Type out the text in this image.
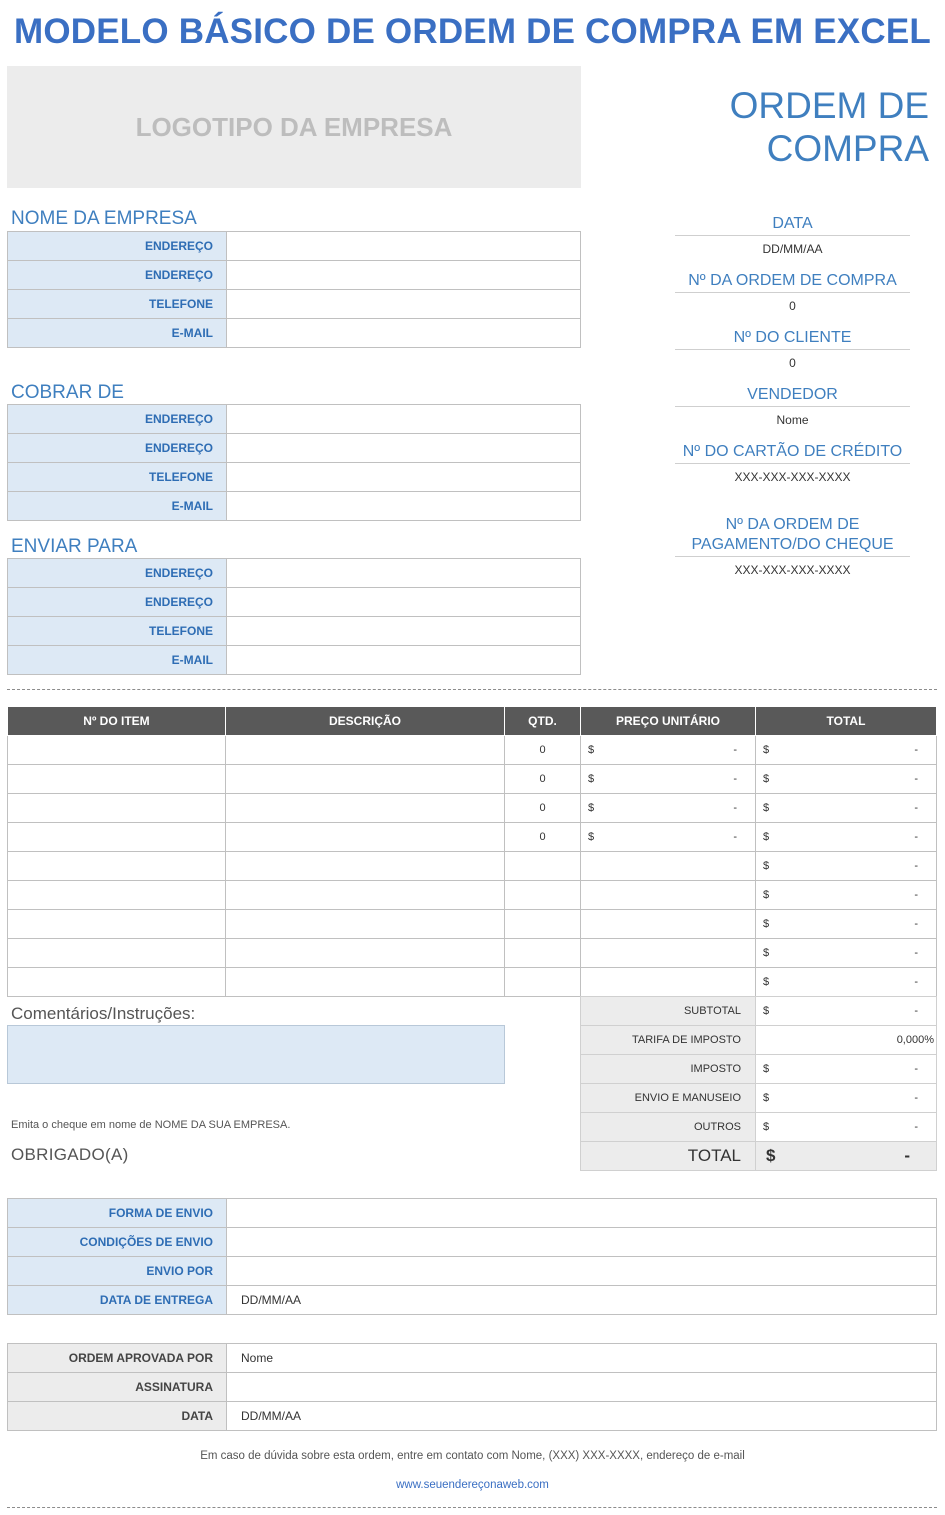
MODELO BÁSICO DE ORDEM DE COMPRA EM EXCEL
LOGOTIPO DA EMPRESA
ORDEM DE
COMPRA
NOME DA EMPRESA
ENDEREÇO	
ENDEREÇO	
TELEFONE	
E-MAIL	
COBRAR DE
ENDEREÇO	
ENDEREÇO	
TELEFONE	
E-MAIL	
ENVIAR PARA
ENDEREÇO	
ENDEREÇO	
TELEFONE	
E-MAIL	
DATA
DD/MM/AA
Nº DA ORDEM DE COMPRA
0
Nº DO CLIENTE
0
VENDEDOR
Nome
Nº DO CARTÃO DE CRÉDITO
XXX-XXX-XXX-XXXX
Nº DA ORDEM DE
PAGAMENTO/DO CHEQUE
XXX-XXX-XXX-XXXX
Nº DO ITEM	DESCRIÇÃO	QTD.	PREÇO UNITÁRIO	TOTAL
		0	$ -	$ -

		0	$ -	$ -

		0	$ -	$ -

		0	$ -	$ -

				$ -

				$ -

				$ -

				$ -

				$ -
SUBTOTAL	$ -

TARIFA DE IMPOSTO	0,000%
IMPOSTO	$ -

ENVIO E MANUSEIO	$ -

OUTROS	$ -

TOTAL	$ -
Comentários/Instruções:
Emita o cheque em nome de NOME DA SUA EMPRESA.
OBRIGADO(A)
FORMA DE ENVIO	
CONDIÇÕES DE ENVIO	
ENVIO POR	
DATA DE ENTREGA	DD/MM/AA
ORDEM APROVADA POR	Nome
ASSINATURA	
DATA	DD/MM/AA
Em caso de dúvida sobre esta ordem, entre em contato com Nome, (XXX) XXX-XXXX, endereço de e-mail
www.seuendereçonaweb.com
